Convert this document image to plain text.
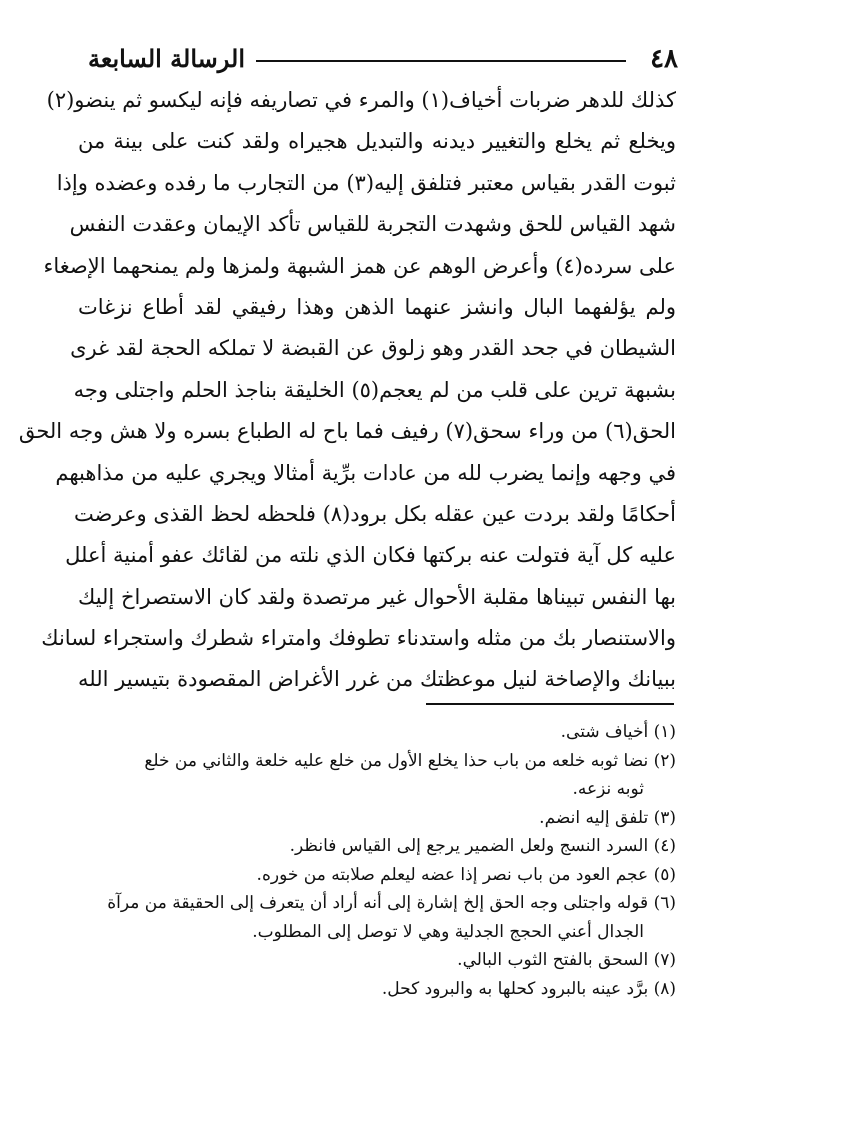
٤٨
الرسالة السابعة
كذلك للدهر ضربات أخياف(١) والمرء في تصاريفه فإنه ليكسو ثم ينضو(٢)
ويخلع ثم يخلع والتغيير ديدنه والتبديل هجيراه ولقد كنت على بينة من
ثبوت القدر بقياس معتبر فتلفق إليه(٣) من التجارب ما رفده وعضده وإذا
شهد القياس للحق وشهدت التجربة للقياس تأكد الإيمان وعقدت النفس
على سرده(٤) وأعرض الوهم عن همز الشبهة ولمزها ولم يمنحهما الإصغاء
ولم يؤلفهما البال وانشز عنهما الذهن وهذا رفيقي لقد أطاع نزغات
الشيطان في جحد القدر وهو زلوق عن القبضة لا تملكه الحجة لقد غرى
بشبهة ترين على قلب من لم يعجم(٥) الخليقة بناجذ الحلم واجتلى وجه
الحق(٦) من وراء سحق(٧) رفيف فما باح له الطباع بسره ولا هش وجه الحق
في وجهه وإنما يضرب لله من عادات برِّية أمثالا ويجري عليه من مذاهبهم
أحكامًا ولقد بردت عين عقله بكل برود(٨) فلحظه لحظ القذى وعرضت
عليه كل آية فتولت عنه بركتها فكان الذي نلته من لقائك عفو أمنية أعلل
بها النفس تبيناها مقلبة الأحوال غير مرتصدة ولقد كان الاستصراخ إليك
والاستنصار بك من مثله واستدناء تطوفك وامتراء شطرك واستجراء لسانك
ببيانك والإصاخة لنيل موعظتك من غرر الأغراض المقصودة بتيسير الله
(١) أخياف شتى.
(٢) نضا ثوبه خلعه من باب حذا يخلع الأول من خلع عليه خلعة والثاني من خلع
ثوبه نزعه.
(٣) تلفق إليه انضم.
(٤) السرد النسج ولعل الضمير يرجع إلى القياس فانظر.
(٥) عجم العود من باب نصر إذا عضه ليعلم صلابته من خوره.
(٦) قوله واجتلى وجه الحق إلخ إشارة إلى أنه أراد أن يتعرف إلى الحقيقة من مرآة
الجدال أعني الحجج الجدلية وهي لا توصل إلى المطلوب.
(٧) السحق بالفتح الثوب البالي.
(٨) برَّد عينه بالبرود كحلها به والبرود كحل.
